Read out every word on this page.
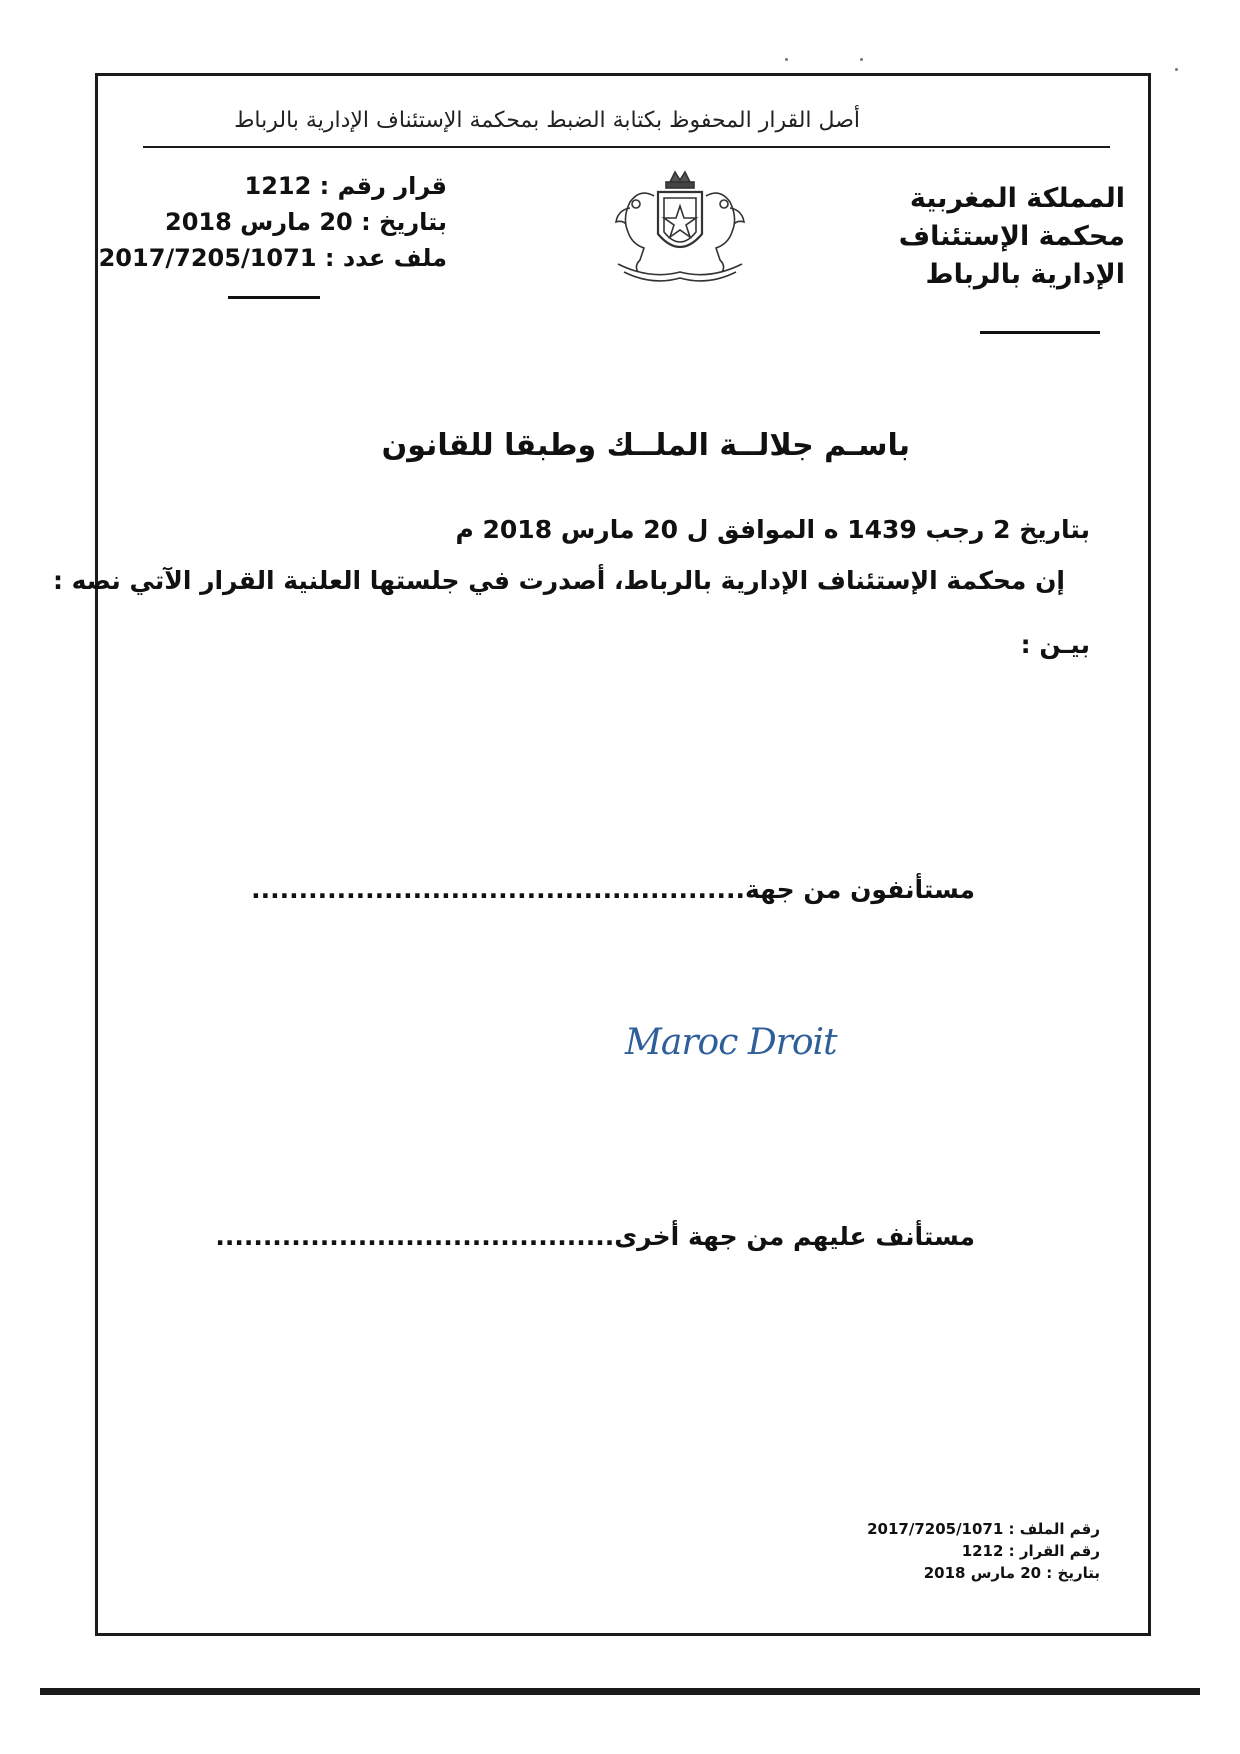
أصل القرار المحفوظ بكتابة الضبط بمحكمة الإستئناف الإدارية بالرباط
المملكة المغربية
محكمة الإستئناف
الإدارية بالرباط
قرار رقم : 1212
بتاريخ : 20 مارس 2018
ملف عدد : 2017/7205/1071
باسـم جلالــة الملــك وطبقا للقانون
بتاريخ 2 رجب 1439 ه الموافق ل 20 مارس 2018 م
إن محكمة الإستئناف الإدارية بالرباط، أصدرت في جلستها العلنية القرار الآتي نصه :
بيـن :
مستأنفون من جهة....................................................
Maroc Droit
مستأنف عليهم من جهة أخرى..........................................
رقم الملف : 2017/7205/1071
رقم القرار : 1212
بتاريخ : 20 مارس 2018
